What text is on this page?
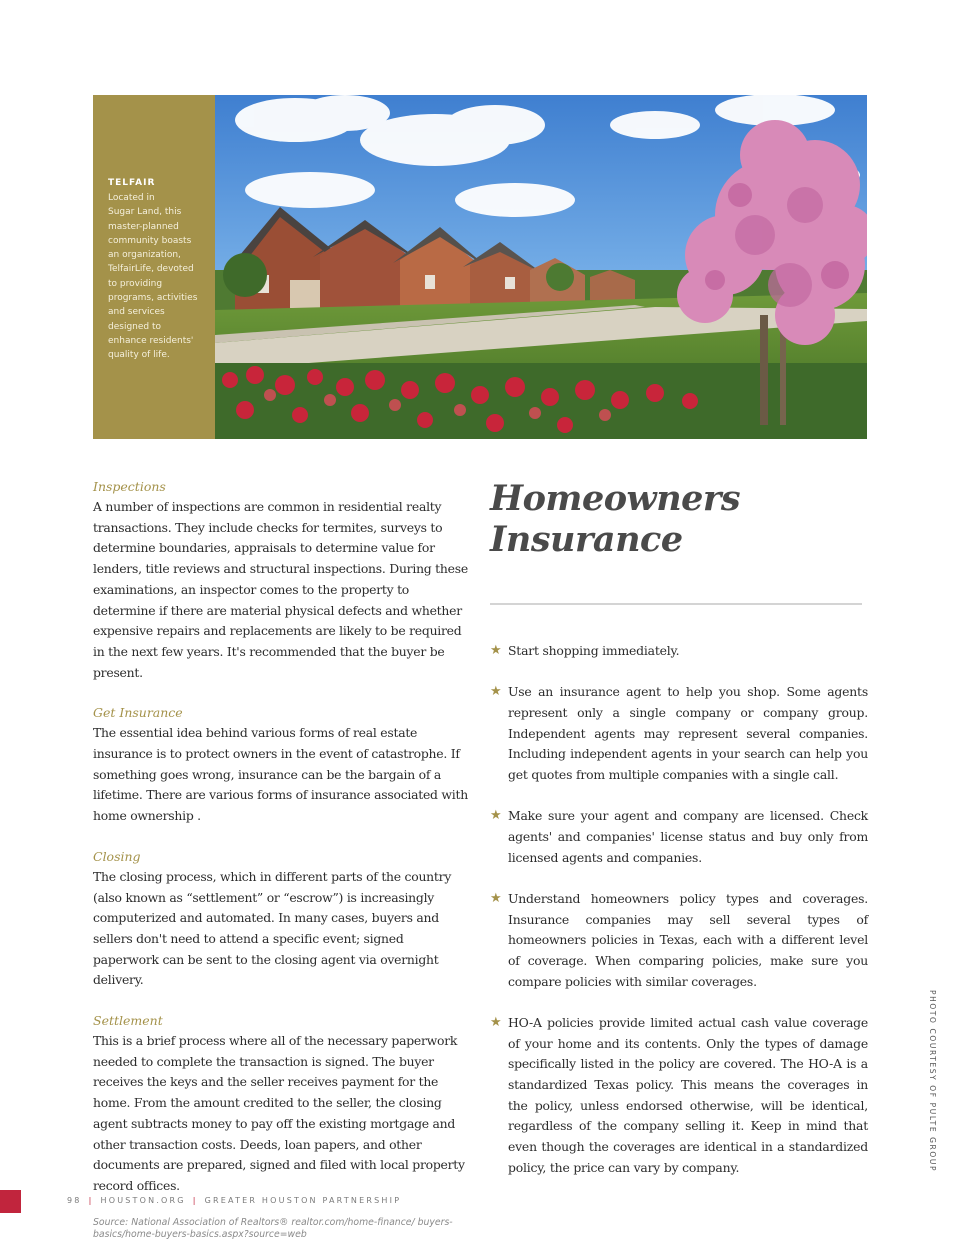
TELFAIR
Located in
Sugar Land, this
master-planned
community boasts
an organization,
TelfairLife, devoted
to providing
programs, activities
and services
designed to
enhance residents'
quality of life.
Inspections
A number of inspections are common in residential realty transactions. They include checks for termites, surveys to determine boundaries, appraisals to determine value for lenders, title reviews and structural inspections. During these examinations, an inspector comes to the property to determine if there are material physical defects and whether expensive repairs and replacements are likely to be required in the next few years. It's recommended that the buyer be present.
Get Insurance
The essential idea behind various forms of real estate insurance is to protect owners in the event of catastrophe. If something goes wrong, insurance can be the bargain of a lifetime. There are various forms of insurance associated with home ownership .
Closing
The closing process, which in different parts of the country (also known as “settlement” or “escrow”) is increasingly computerized and automated. In many cases, buyers and sellers don't need to attend a specific event; signed paperwork can be sent to the closing agent via overnight delivery.
Settlement
This is a brief process where all of the necessary paperwork needed to complete the transaction is signed. The buyer receives the keys and the seller receives payment for the home. From the amount credited to the seller, the closing agent subtracts money to pay off the existing mortgage and other transaction costs. Deeds, loan papers, and other documents are prepared, signed and filed with local property record offices.
Source: National Association of Realtors® realtor.com/home-finance/ buyers-basics/home-buyers-basics.aspx?source=web
Homeowners
Insurance
★ Start shopping immediately.
★ Use an insurance agent to help you shop. Some agents represent only a single company or company group. Independent agents may represent several companies. Including independent agents in your search can help you get quotes from multiple companies with a single call.
★ Make sure your agent and company are licensed. Check agents' and companies' license status and buy only from licensed agents and companies.
★ Understand homeowners policy types and coverages. Insurance companies may sell several types of homeowners policies in Texas, each with a different level of coverage. When comparing policies, make sure you compare policies with similar coverages.
★ HO-A policies provide limited actual cash value coverage of your home and its contents. Only the types of damage specifically listed in the policy are covered. The HO-A is a standardized Texas policy. This means the coverages in the policy, unless endorsed otherwise, will be identical, regardless of the company selling it. Keep in mind that even though the coverages are identical in a standardized policy, the price can vary by company.	PHOTO COURTESY OF PULTE GROUP
98 | HOUSTON.ORG | GREATER HOUSTON PARTNERSHIP
